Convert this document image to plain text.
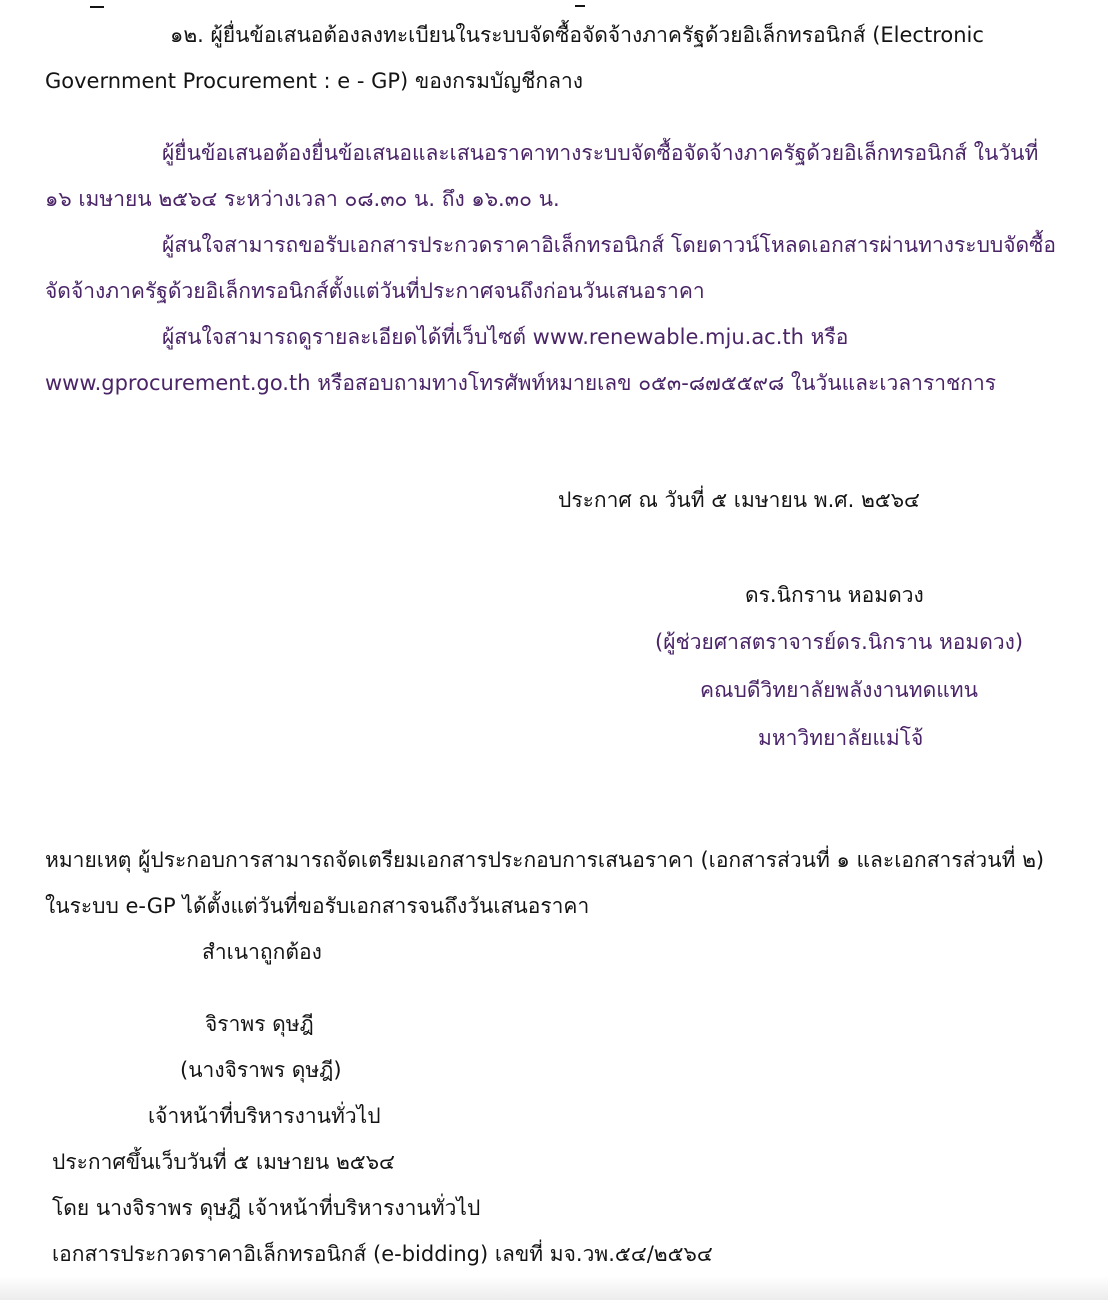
๑๒. ผู้ยื่นข้อเสนอต้องลงทะเบียนในระบบจัดซื้อจัดจ้างภาครัฐด้วยอิเล็กทรอนิกส์ (Electronic
Government Procurement : e - GP) ของกรมบัญชีกลาง
ผู้ยื่นข้อเสนอต้องยื่นข้อเสนอและเสนอราคาทางระบบจัดซื้อจัดจ้างภาครัฐด้วยอิเล็กทรอนิกส์ ในวันที่
๑๖ เมษายน ๒๕๖๔ ระหว่างเวลา ๐๘.๓๐ น. ถึง ๑๖.๓๐ น.
ผู้สนใจสามารถขอรับเอกสารประกวดราคาอิเล็กทรอนิกส์ โดยดาวน์โหลดเอกสารผ่านทางระบบจัดซื้อ
จัดจ้างภาครัฐด้วยอิเล็กทรอนิกส์ตั้งแต่วันที่ประกาศจนถึงก่อนวันเสนอราคา
ผู้สนใจสามารถดูรายละเอียดได้ที่เว็บไซต์ www.renewable.mju.ac.th หรือ
www.gprocurement.go.th หรือสอบถามทางโทรศัพท์หมายเลข ๐๕๓-๘๗๕๕๙๘ ในวันและเวลาราชการ
ประกาศ ณ วันที่ ๕ เมษายน พ.ศ. ๒๕๖๔
ดร.นิกราน หอมดวง
(ผู้ช่วยศาสตราจารย์ดร.นิกราน หอมดวง)
คณบดีวิทยาลัยพลังงานทดแทน
มหาวิทยาลัยแม่โจ้
หมายเหตุ ผู้ประกอบการสามารถจัดเตรียมเอกสารประกอบการเสนอราคา (เอกสารส่วนที่ ๑ และเอกสารส่วนที่ ๒)
ในระบบ e-GP ได้ตั้งแต่วันที่ขอรับเอกสารจนถึงวันเสนอราคา
สำเนาถูกต้อง
จิราพร ดุษฎี
(นางจิราพร ดุษฎี)
เจ้าหน้าที่บริหารงานทั่วไป
ประกาศขึ้นเว็บวันที่ ๕ เมษายน ๒๕๖๔
โดย นางจิราพร ดุษฎี เจ้าหน้าที่บริหารงานทั่วไป
เอกสารประกวดราคาอิเล็กทรอนิกส์ (e-bidding) เลขที่ มจ.วพ.๕๔/๒๕๖๔
